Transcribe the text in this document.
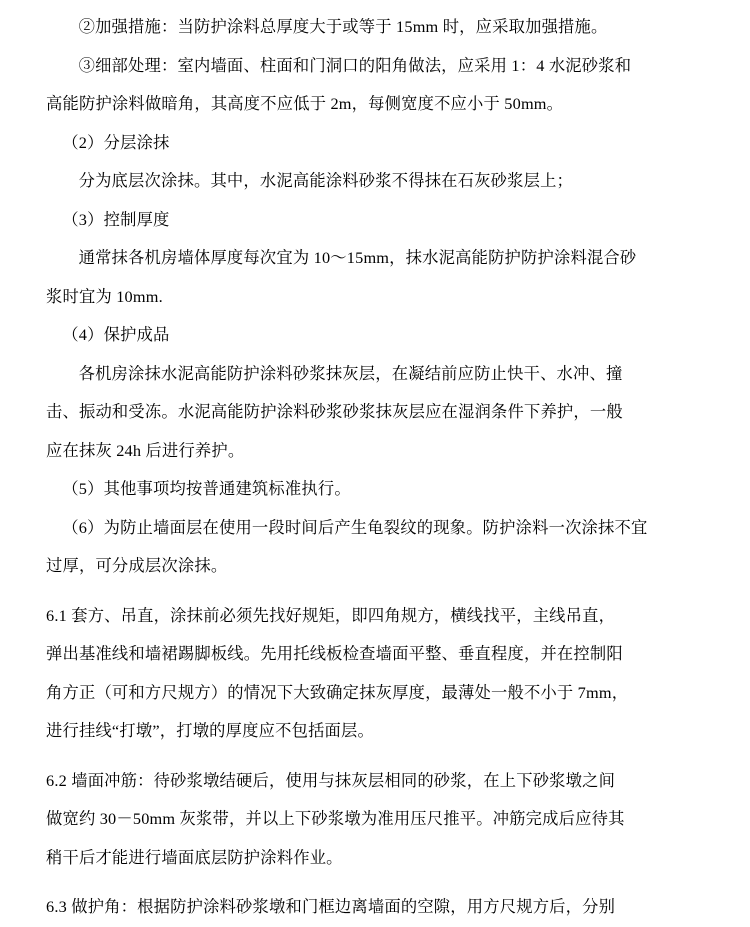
②加强措施：当防护涂料总厚度大于或等于 15mm 时，应采取加强措施。
③细部处理：室内墙面、柱面和门洞口的阳角做法，应采用 1：4 水泥砂浆和
高能防护涂料做暗角，其高度不应低于 2m，每侧宽度不应小于 50mm。
（2）分层涂抹
分为底层次涂抹。其中，水泥高能涂料砂浆不得抹在石灰砂浆层上；
（3）控制厚度
通常抹各机房墙体厚度每次宜为 10～15mm，抹水泥高能防护防护涂料混合砂
浆时宜为 10mm.
（4）保护成品
各机房涂抹水泥高能防护涂料砂浆抹灰层，在凝结前应防止快干、水冲、撞
击、振动和受冻。水泥高能防护涂料砂浆砂浆抹灰层应在湿润条件下养护，一般
应在抹灰 24h 后进行养护。
（5）其他事项均按普通建筑标准执行。
（6）为防止墙面层在使用一段时间后产生龟裂纹的现象。防护涂料一次涂抹不宜
过厚，可分成层次涂抹。
6.1 套方、吊直，涂抹前必须先找好规矩，即四角规方，横线找平，主线吊直，
弹出基准线和墙裙踢脚板线。先用托线板检查墙面平整、垂直程度，并在控制阳
角方正（可和方尺规方）的情况下大致确定抹灰厚度，最薄处一般不小于 7mm，
进行挂线“打墩”，打墩的厚度应不包括面层。
6.2 墙面冲筋：待砂浆墩结硬后，使用与抹灰层相同的砂浆，在上下砂浆墩之间
做宽约 30－50mm 灰浆带，并以上下砂浆墩为准用压尺推平。冲筋完成后应待其
稍干后才能进行墙面底层防护涂料作业。
6.3 做护角：根据防护涂料砂浆墩和门框边离墙面的空隙，用方尺规方后，分别
